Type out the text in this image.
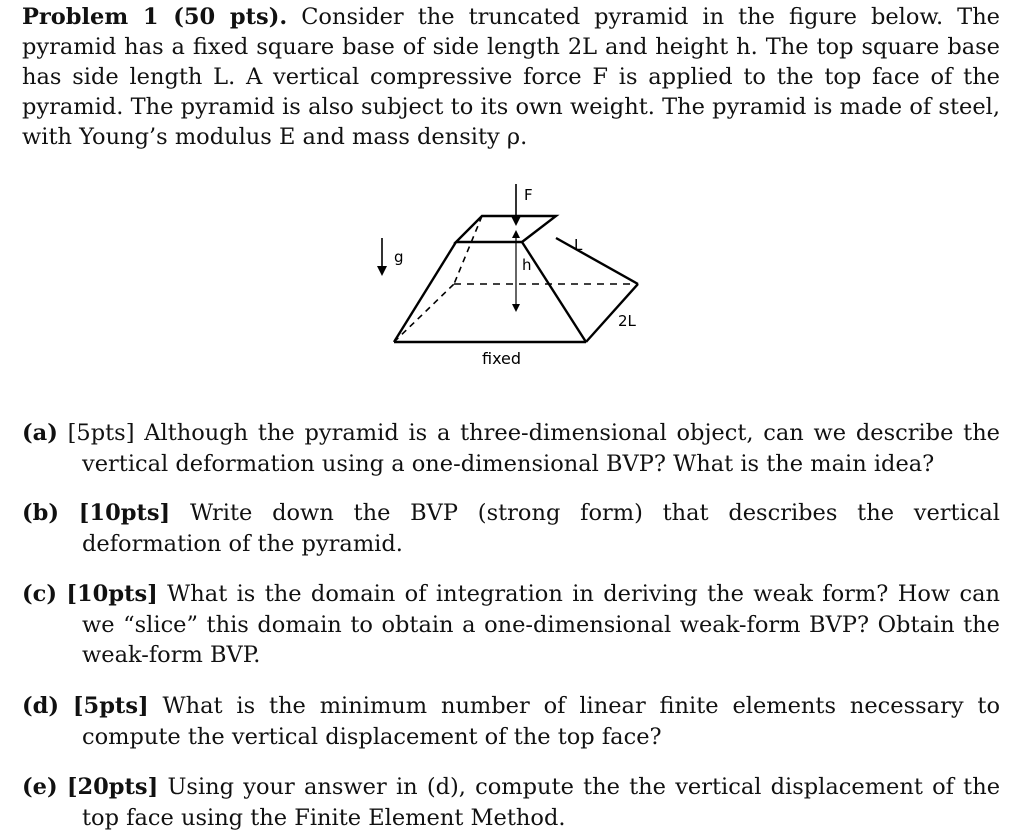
Problem 1 (50 pts). Consider the truncated pyramid in the figure below. The pyramid has a fixed square base of side length 2L and height h. The top square base has side length L. A vertical compressive force F is applied to the top face of the pyramid. The pyramid is also subject to its own weight. The pyramid is made of steel, with Young’s modulus E and mass density ρ.
g
F
h
L
2L
fixed
(a) [5pts] Although the pyramid is a three-dimensional object, can we describe the vertical deformation using a one-dimensional BVP? What is the main idea?
(b) [10pts] Write down the BVP (strong form) that describes the vertical deformation of the pyramid.
(c) [10pts] What is the domain of integration in deriving the weak form? How can we “slice” this domain to obtain a one-dimensional weak-form BVP? Obtain the weak-form BVP.
(d) [5pts] What is the minimum number of linear finite elements necessary to compute the vertical displacement of the top face?
(e) [20pts] Using your answer in (d), compute the the vertical displacement of the top face using the Finite Element Method.
